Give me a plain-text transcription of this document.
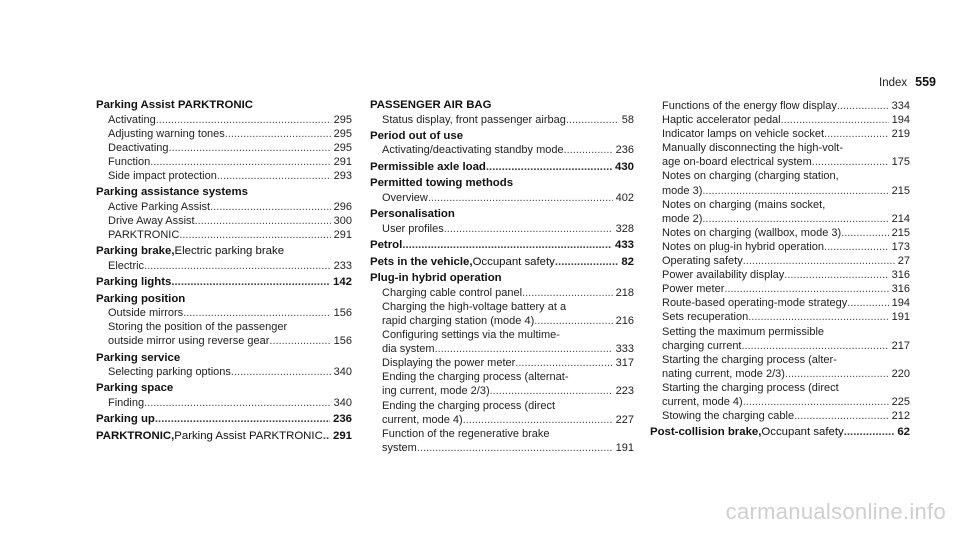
Index 559
Parking Assist PARKTRONIC
Activating .....	295
Adjusting warning tones .....	295
Deactivating .....	295
Function .....	291
Side impact protection .....	293
Parking assistance systems
Active Parking Assist .....	296
Drive Away Assist .....	300
PARKTRONIC .....	291
Parking brake, Electric parking brake
Electric .....	233
Parking lights .....	142
Parking position
Outside mirrors .....	156
Storing the position of the passenger
outside mirror using reverse gear .....	156
Parking service
Selecting parking options .....	340
Parking space
Finding .....	340
Parking up .....	236
PARKTRONIC, Parking Assist PARKTRONIC ..... 291
PASSENGER AIR BAG
Status display, front passenger airbag .....	58
Period out of use
Activating/deactivating standby mode .....	236
Permissible axle load .....	430
Permitted towing methods
Overview .....	402
Personalisation
User profiles .....	328
Petrol .....	433
Pets in the vehicle, Occupant safety .....	82
Plug-in hybrid operation
Charging cable control panel .....	218
Charging the high-voltage battery at a
rapid charging station (mode 4) .....	216
Configuring settings via the multime-
dia system .....	333
Displaying the power meter .....	317
Ending the charging process (alternat-
ing current, mode 2/3) .....	223
Ending the charging process (direct
current, mode 4) .....	227
Function of the regenerative brake
system .....	191
Functions of the energy flow display .....	334
Haptic accelerator pedal .....	194
Indicator lamps on vehicle socket .....	219
Manually disconnecting the high-volt-
age on-board electrical system .....	175
Notes on charging (charging station,
mode 3) .....	215
Notes on charging (mains socket,
mode 2) .....	214
Notes on charging (wallbox, mode 3) .....	215
Notes on plug-in hybrid operation .....	173
Operating safety .....	27
Power availability display .....	316
Power meter .....	316
Route-based operating-mode strategy .....	194
Sets recuperation .....	191
Setting the maximum permissible
charging current .....	217
Starting the charging process (alter-
nating current, mode 2/3) .....	220
Starting the charging process (direct
current, mode 4) .....	225
Stowing the charging cable .....	212
Post-collision brake, Occupant safety .....	62
carmanualsonline.info
